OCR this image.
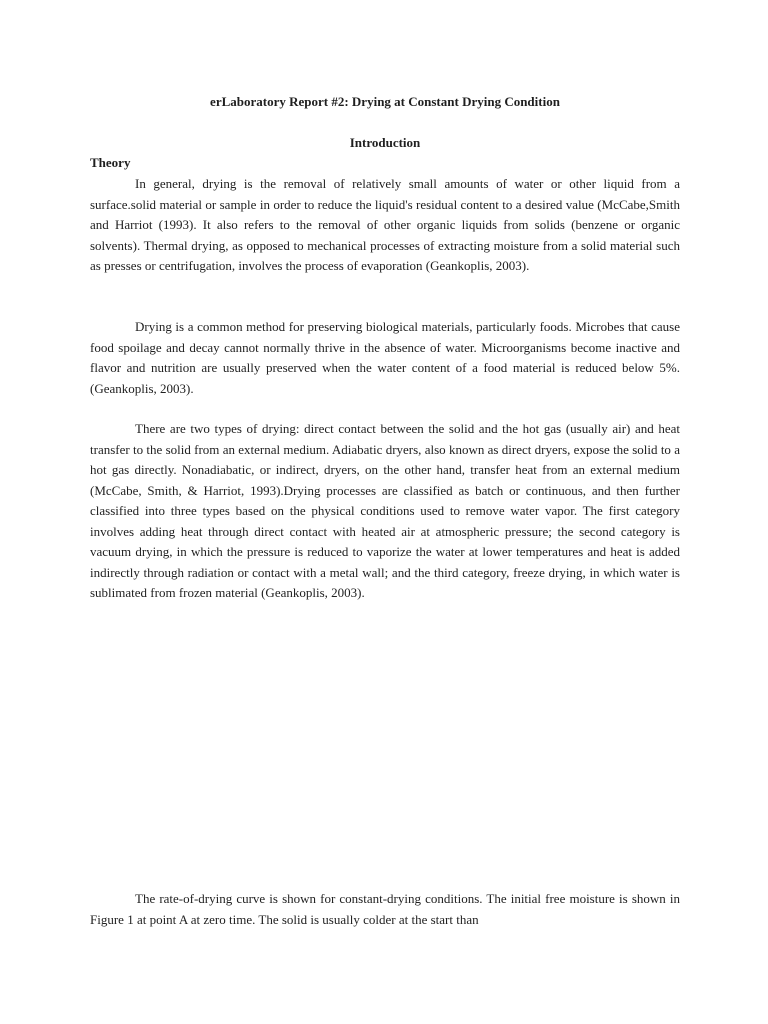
erLaboratory Report #2: Drying at Constant Drying Condition
Introduction
Theory

In general, drying is the removal of relatively small amounts of water or other liquid from a surface.solid material or sample in order to reduce the liquid's residual content to a desired value (McCabe,Smith and Harriot (1993). It also refers to the removal of other organic liquids from solids (benzene or organic solvents). Thermal drying, as opposed to mechanical processes of extracting moisture from a solid material such as presses or centrifugation, involves the process of evaporation (Geankoplis, 2003).

Drying is a common method for preserving biological materials, particularly foods. Microbes that cause food spoilage and decay cannot normally thrive in the absence of water. Microorganisms become inactive and flavor and nutrition are usually preserved when the water content of a food material is reduced below 5%. (Geankoplis, 2003).

There are two types of drying: direct contact between the solid and the hot gas (usually air) and heat transfer to the solid from an external medium. Adiabatic dryers, also known as direct dryers, expose the solid to a hot gas directly. Nonadiabatic, or indirect, dryers, on the other hand, transfer heat from an external medium (McCabe, Smith, & Harriot, 1993).Drying processes are classified as batch or continuous, and then further classified into three types based on the physical conditions used to remove water vapor. The first category involves adding heat through direct contact with heated air at atmospheric pressure; the second category is vacuum drying, in which the pressure is reduced to vaporize the water at lower temperatures and heat is added indirectly through radiation or contact with a metal wall; and the third category, freeze drying, in which water is sublimated from frozen material (Geankoplis, 2003).

The rate-of-drying curve is shown for constant-drying conditions. The initial free moisture is shown in Figure 1 at point A at zero time. The solid is usually colder at the start than
